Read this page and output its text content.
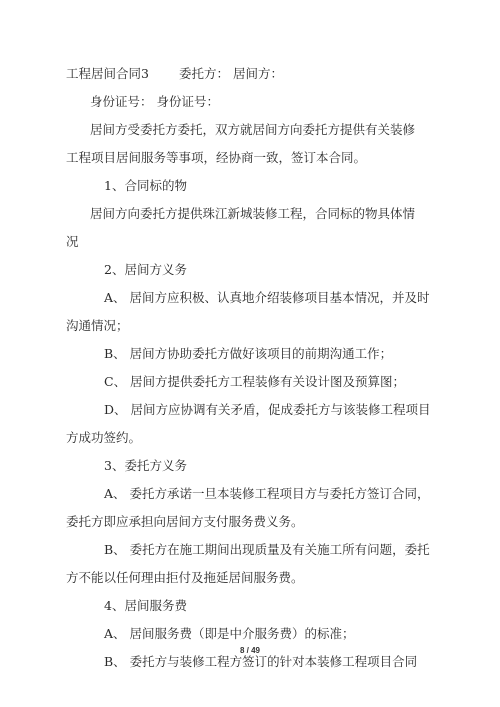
工程居间合同3 委托方： 居间方：
身份证号： 身份证号：
居间方受委托方委托，双方就居间方向委托方提供有关装修
工程项目居间服务等事项，经协商一致，签订本合同。
1、合同标的物
居间方向委托方提供珠江新城装修工程，合同标的物具体情
况
2、居间方义务
A、 居间方应积极、认真地介绍装修项目基本情况，并及时
沟通情况；
B、 居间方协助委托方做好该项目的前期沟通工作；
C、 居间方提供委托方工程装修有关设计图及预算图；
D、 居间方应协调有关矛盾，促成委托方与该装修工程项目
方成功签约。
3、委托方义务
A、 委托方承诺一旦本装修工程项目方与委托方签订合同，
委托方即应承担向居间方支付服务费义务。
B、 委托方在施工期间出现质量及有关施工所有问题，委托
方不能以任何理由拒付及拖延居间服务费。
4、居间服务费
A、 居间服务费（即是中介服务费）的标准；
B、 委托方与装修工程方签订的针对本装修工程项目合同
8 / 49
